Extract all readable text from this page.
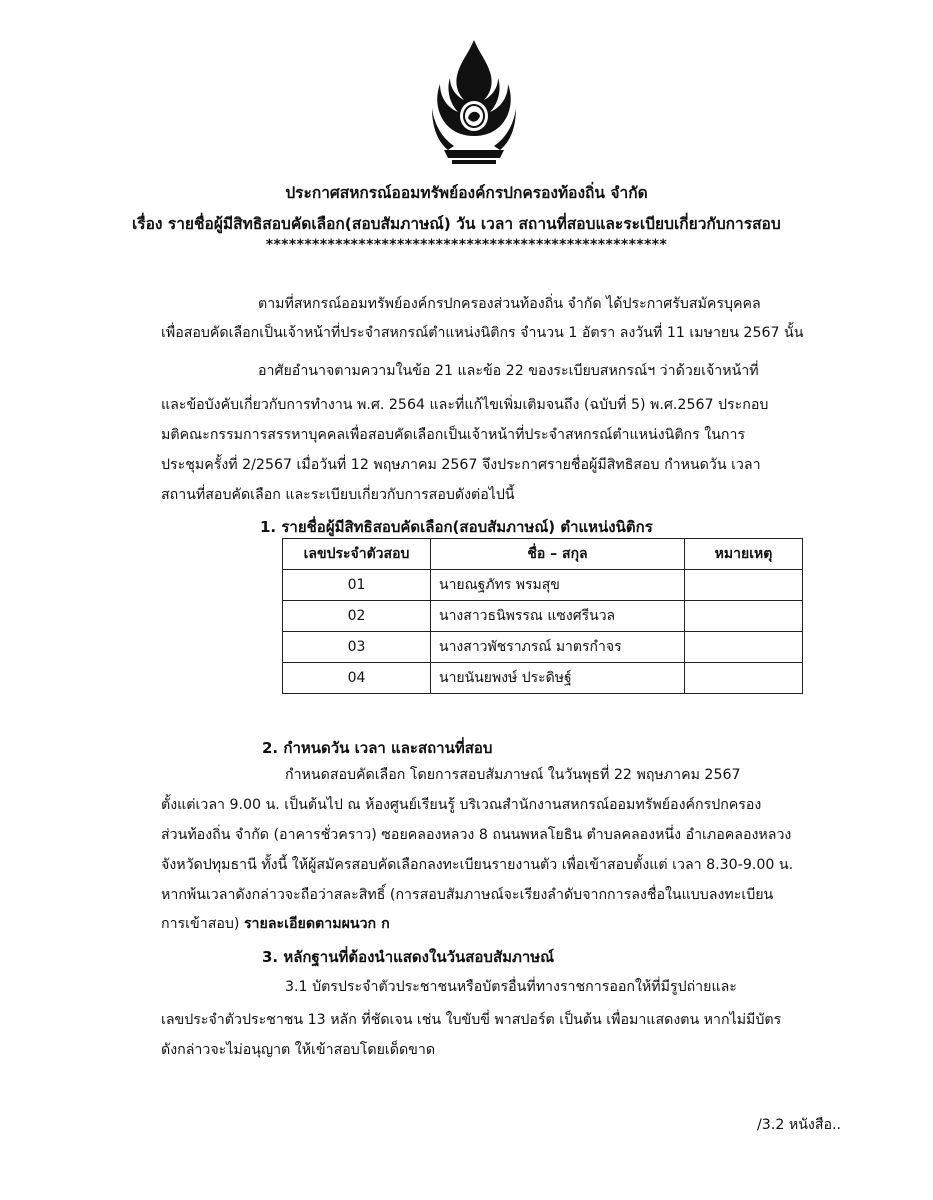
ประกาศสหกรณ์ออมทรัพย์องค์กรปกครองท้องถิ่น จำกัด
เรื่อง รายชื่อผู้มีสิทธิสอบคัดเลือก(สอบสัมภาษณ์) วัน เวลา สถานที่สอบและระเบียบเกี่ยวกับการสอบ
****************************************************
ตามที่สหกรณ์ออมทรัพย์องค์กรปกครองส่วนท้องถิ่น จำกัด ได้ประกาศรับสมัครบุคคล
เพื่อสอบคัดเลือกเป็นเจ้าหน้าที่ประจำสหกรณ์ตำแหน่งนิติกร จำนวน 1 อัตรา ลงวันที่ 11 เมษายน 2567 นั้น
อาศัยอำนาจตามความในข้อ 21 และข้อ 22 ของระเบียบสหกรณ์ฯ ว่าด้วยเจ้าหน้าที่
และข้อบังคับเกี่ยวกับการทำงาน พ.ศ. 2564 และที่แก้ไขเพิ่มเติมจนถึง (ฉบับที่ 5) พ.ศ.2567 ประกอบ
มติคณะกรรมการสรรหาบุคคลเพื่อสอบคัดเลือกเป็นเจ้าหน้าที่ประจำสหกรณ์ตำแหน่งนิติกร ในการ
ประชุมครั้งที่ 2/2567 เมื่อวันที่ 12 พฤษภาคม 2567 จึงประกาศรายชื่อผู้มีสิทธิสอบ กำหนดวัน เวลา
สถานที่สอบคัดเลือก และระเบียบเกี่ยวกับการสอบดังต่อไปนี้
1. รายชื่อผู้มีสิทธิสอบคัดเลือก(สอบสัมภาษณ์) ตำแหน่งนิติกร
เลขประจำตัวสอบ	ชื่อ – สกุล	หมายเหตุ
01	นายณฐภัทร พรมสุข	
02	นางสาวธนิพรรณ แซงศรีนวล	
03	นางสาวพัชราภรณ์ มาตรกำจร	
04	นายนันยพงษ์ ประดิษฐ์	
2. กำหนดวัน เวลา และสถานที่สอบ
กำหนดสอบคัดเลือก โดยการสอบสัมภาษณ์ ในวันพุธที่ 22 พฤษภาคม 2567
ตั้งแต่เวลา 9.00 น. เป็นต้นไป ณ ห้องศูนย์เรียนรู้ บริเวณสำนักงานสหกรณ์ออมทรัพย์องค์กรปกครอง
ส่วนท้องถิ่น จำกัด (อาคารชั่วคราว) ซอยคลองหลวง 8 ถนนพหลโยธิน ตำบลคลองหนึ่ง อำเภอคลองหลวง
จังหวัดปทุมธานี ทั้งนี้ ให้ผู้สมัครสอบคัดเลือกลงทะเบียนรายงานตัว เพื่อเข้าสอบตั้งแต่ เวลา 8.30-9.00 น.
หากพ้นเวลาดังกล่าวจะถือว่าสละสิทธิ์ (การสอบสัมภาษณ์จะเรียงลำดับจากการลงชื่อในแบบลงทะเบียน
การเข้าสอบ) รายละเอียดตามผนวก ก
3. หลักฐานที่ต้องนำแสดงในวันสอบสัมภาษณ์
3.1 บัตรประจำตัวประชาชนหรือบัตรอื่นที่ทางราชการออกให้ที่มีรูปถ่ายและ
เลขประจำตัวประชาชน 13 หลัก ที่ชัดเจน เช่น ใบขับขี่ พาสปอร์ต เป็นต้น เพื่อมาแสดงตน หากไม่มีบัตร
ดังกล่าวจะไม่อนุญาต ให้เข้าสอบโดยเด็ดขาด
/3.2 หนังสือ..
